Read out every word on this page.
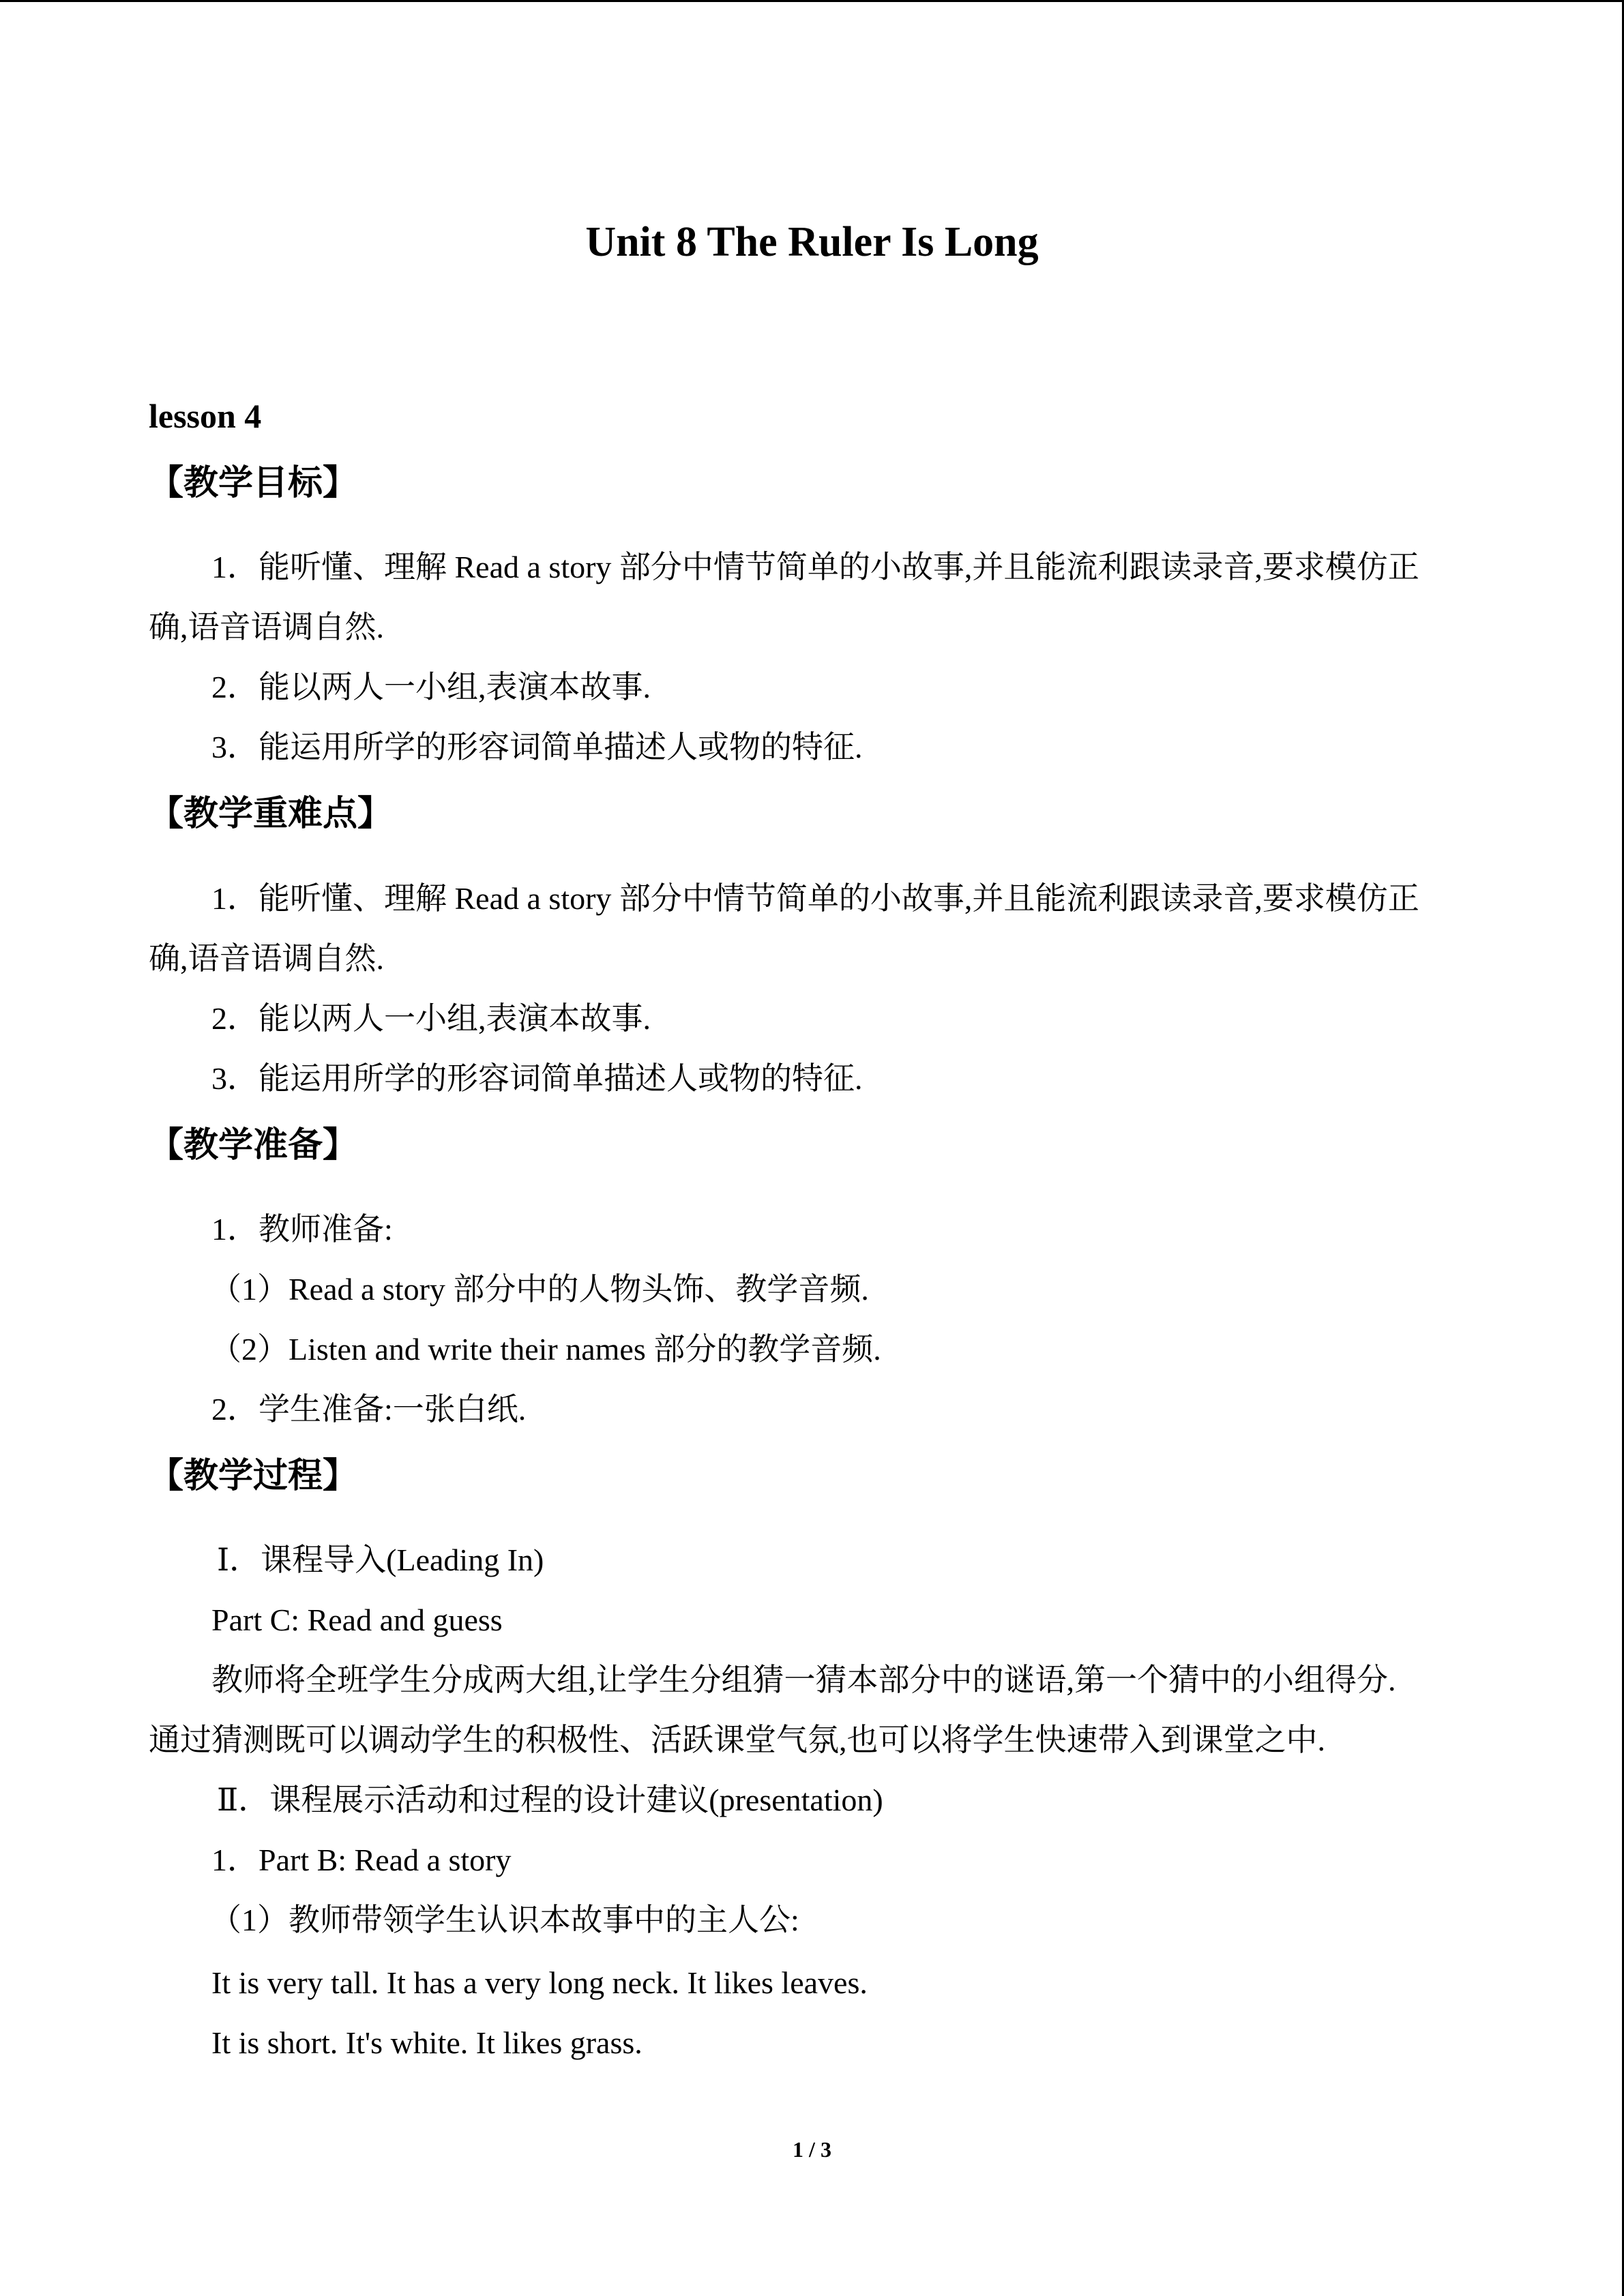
Unit 8 The Ruler Is Long
lesson 4
【教学目标】
1．能听懂、理解 Read a story 部分中情节简单的小故事,并且能流利跟读录音,要求模仿正
确,语音语调自然.
2．能以两人一小组,表演本故事.
3．能运用所学的形容词简单描述人或物的特征.
【教学重难点】
1．能听懂、理解 Read a story 部分中情节简单的小故事,并且能流利跟读录音,要求模仿正
确,语音语调自然.
2．能以两人一小组,表演本故事.
3．能运用所学的形容词简单描述人或物的特征.
【教学准备】
1．教师准备:
（1）Read a story 部分中的人物头饰、教学音频.
（2）Listen and write their names 部分的教学音频.
2．学生准备:一张白纸.
【教学过程】
Ⅰ．课程导入(Leading In)
Part C: Read and guess
教师将全班学生分成两大组,让学生分组猜一猜本部分中的谜语,第一个猜中的小组得分.
通过猜测既可以调动学生的积极性、活跃课堂气氛,也可以将学生快速带入到课堂之中.
Ⅱ．课程展示活动和过程的设计建议(presentation)
1．Part B: Read a story
（1）教师带领学生认识本故事中的主人公:
It is very tall. It has a very long neck. It likes leaves.
It is short. It's white. It likes grass.
1 / 3
